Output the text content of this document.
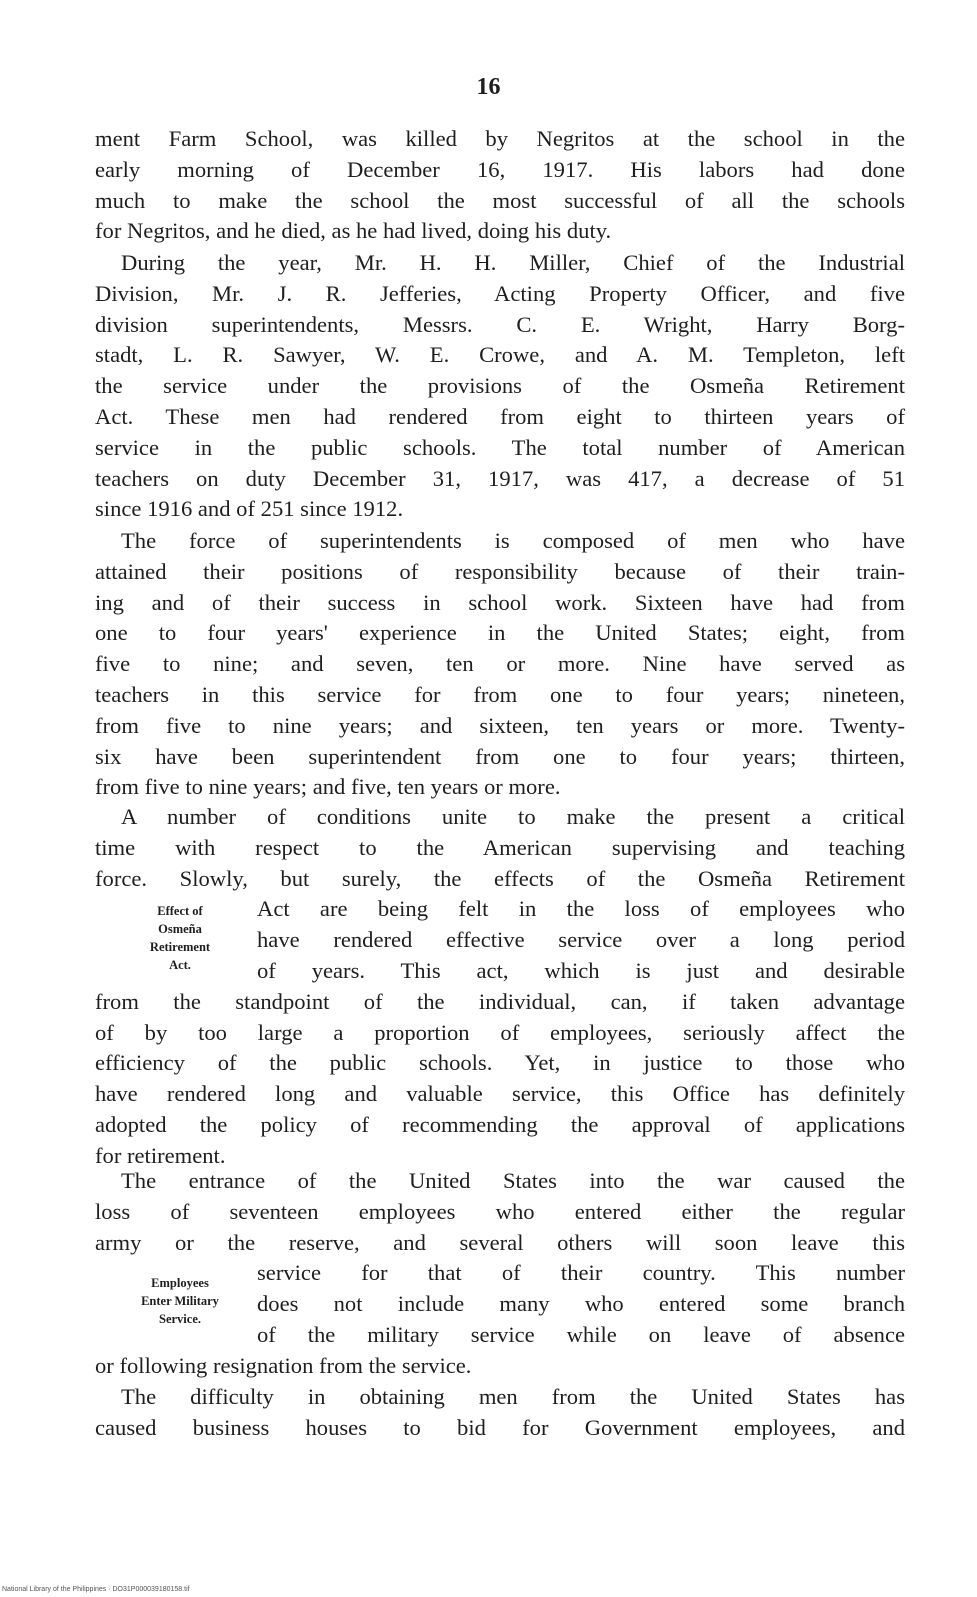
16
ment Farm School, was killed by Negritos at the school in the
early morning of December 16, 1917. His labors had done
much to make the school the most successful of all the schools
for Negritos, and he died, as he had lived, doing his duty.
During the year, Mr. H. H. Miller, Chief of the Industrial
Division, Mr. J. R. Jefferies, Acting Property Officer, and five
division superintendents, Messrs. C. E. Wright, Harry Borg-
stadt, L. R. Sawyer, W. E. Crowe, and A. M. Templeton, left
the service under the provisions of the Osmeña Retirement
Act. These men had rendered from eight to thirteen years of
service in the public schools. The total number of American
teachers on duty December 31, 1917, was 417, a decrease of 51
since 1916 and of 251 since 1912.
The force of superintendents is composed of men who have
attained their positions of responsibility because of their train-
ing and of their success in school work. Sixteen have had from
one to four years' experience in the United States; eight, from
five to nine; and seven, ten or more. Nine have served as
teachers in this service for from one to four years; nineteen,
from five to nine years; and sixteen, ten years or more. Twenty-
six have been superintendent from one to four years; thirteen,
from five to nine years; and five, ten years or more.
A number of conditions unite to make the present a critical
time with respect to the American supervising and teaching
force. Slowly, but surely, the effects of the Osmeña Retirement
Act are being felt in the loss of employees who
have rendered effective service over a long period
of years. This act, which is just and desirable
from the standpoint of the individual, can, if taken advantage
of by too large a proportion of employees, seriously affect the
efficiency of the public schools. Yet, in justice to those who
have rendered long and valuable service, this Office has definitely
adopted the policy of recommending the approval of applications
for retirement.
Effect of
Osmeña
Retirement
Act.
The entrance of the United States into the war caused the
loss of seventeen employees who entered either the regular
army or the reserve, and several others will soon leave this
service for that of their country. This number
does not include many who entered some branch
of the military service while on leave of absence
or following resignation from the service.
Employees
Enter Military
Service.
The difficulty in obtaining men from the United States has
caused business houses to bid for Government employees, and
National Library of the Philippines · DO31P000039180158.tif
